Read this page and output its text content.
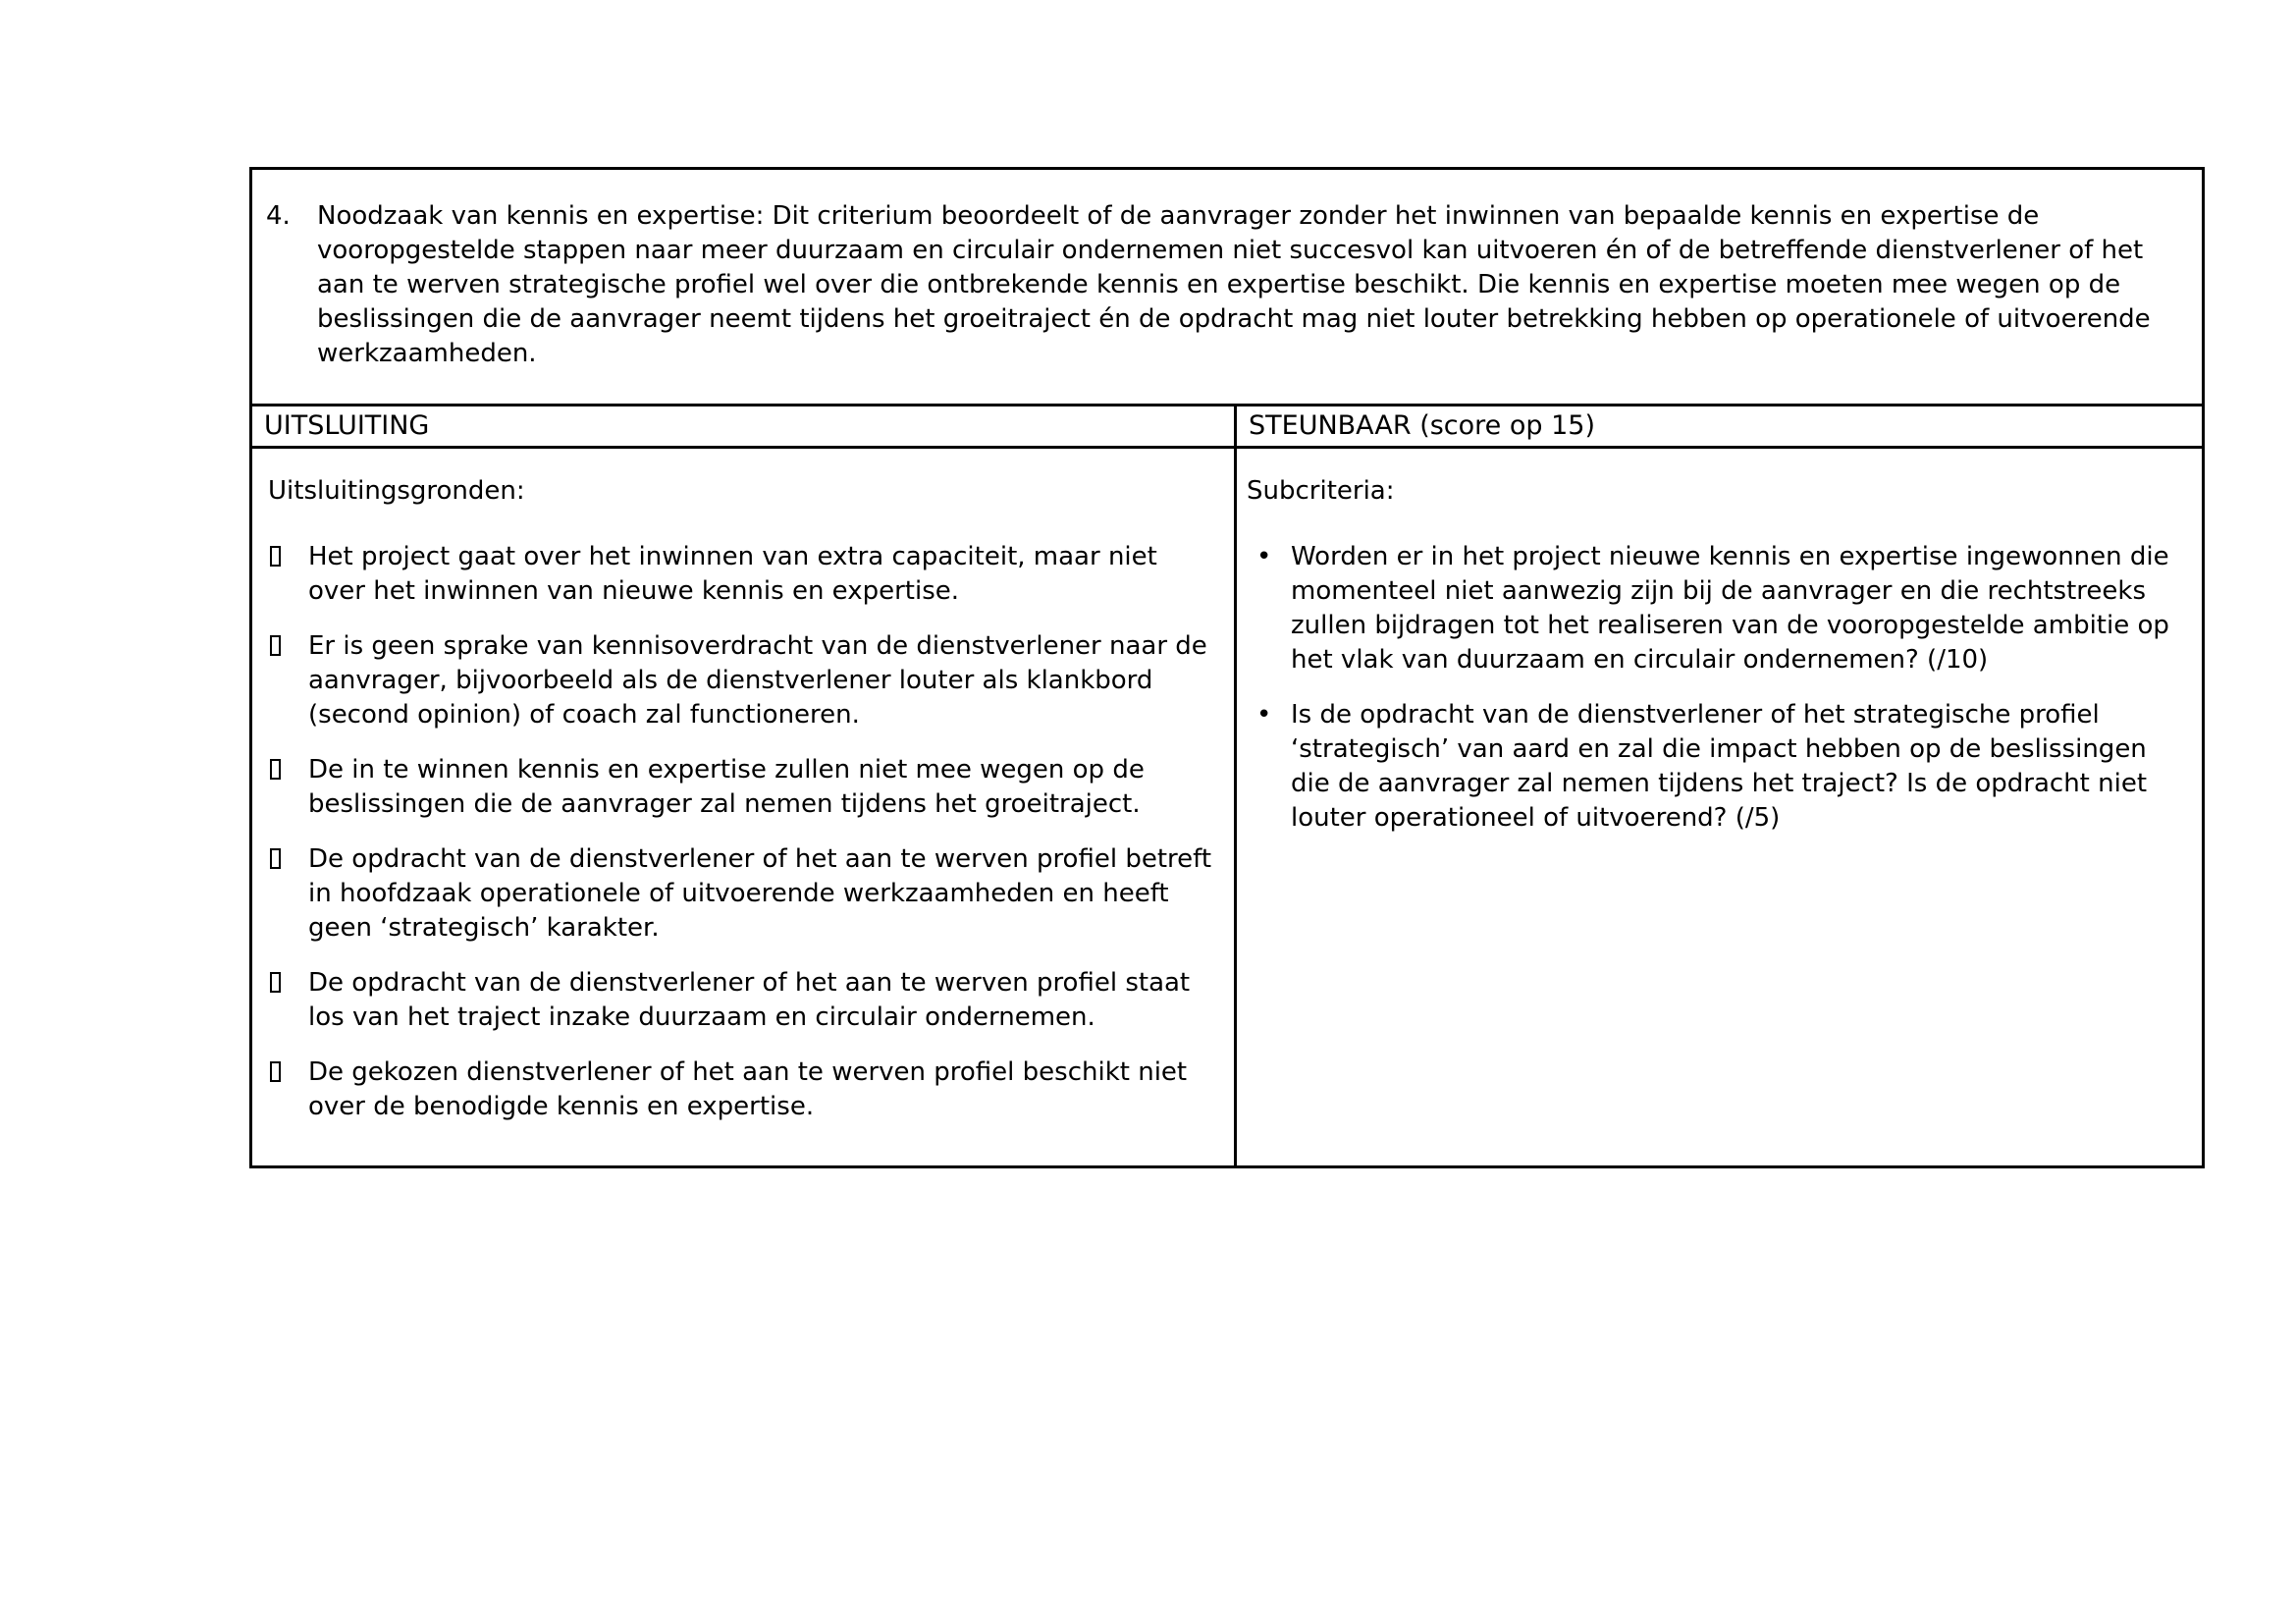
4.	Noodzaak van kennis en expertise: Dit criterium beoordeelt of de aanvrager zonder het inwinnen van bepaalde kennis en expertise de vooropgestelde stappen naar meer duurzaam en circulair ondernemen niet succesvol kan uitvoeren én of de betreffende dienstverlener of het aan te werven strategische profiel wel over die ontbrekende kennis en expertise beschikt. Die kennis en expertise moeten mee wegen op de beslissingen die de aanvrager neemt tijdens het groeitraject én de opdracht mag niet louter betrekking hebben op operationele of uitvoerende werkzaamheden.
UITSLUITING	STEUNBAAR (score op 15)
Uitsluitingsgronden:
Het project gaat over het inwinnen van extra capaciteit, maar niet over het inwinnen van nieuwe kennis en expertise.
Er is geen sprake van kennisoverdracht van de dienstverlener naar de aanvrager, bijvoorbeeld als de dienstverlener louter als klankbord (second opinion) of coach zal functioneren.
De in te winnen kennis en expertise zullen niet mee wegen op de beslissingen die de aanvrager zal nemen tijdens het groeitraject.
De opdracht van de dienstverlener of het aan te werven profiel betreft in hoofdzaak operationele of uitvoerende werkzaamheden en heeft geen ‘strategisch’ karakter.
De opdracht van de dienstverlener of het aan te werven profiel staat los van het traject inzake duurzaam en circulair ondernemen.
De gekozen dienstverlener of het aan te werven profiel beschikt niet over de benodigde kennis en expertise.
Subcriteria:
• Worden er in het project nieuwe kennis en expertise ingewonnen die momenteel niet aanwezig zijn bij de aanvrager en die rechtstreeks zullen bijdragen tot het realiseren van de vooropgestelde ambitie op het vlak van duurzaam en circulair ondernemen? (/10)
• Is de opdracht van de dienstverlener of het strategische profiel ‘strategisch’ van aard en zal die impact hebben op de beslissingen die de aanvrager zal nemen tijdens het traject? Is de opdracht niet louter operationeel of uitvoerend? (/5)
